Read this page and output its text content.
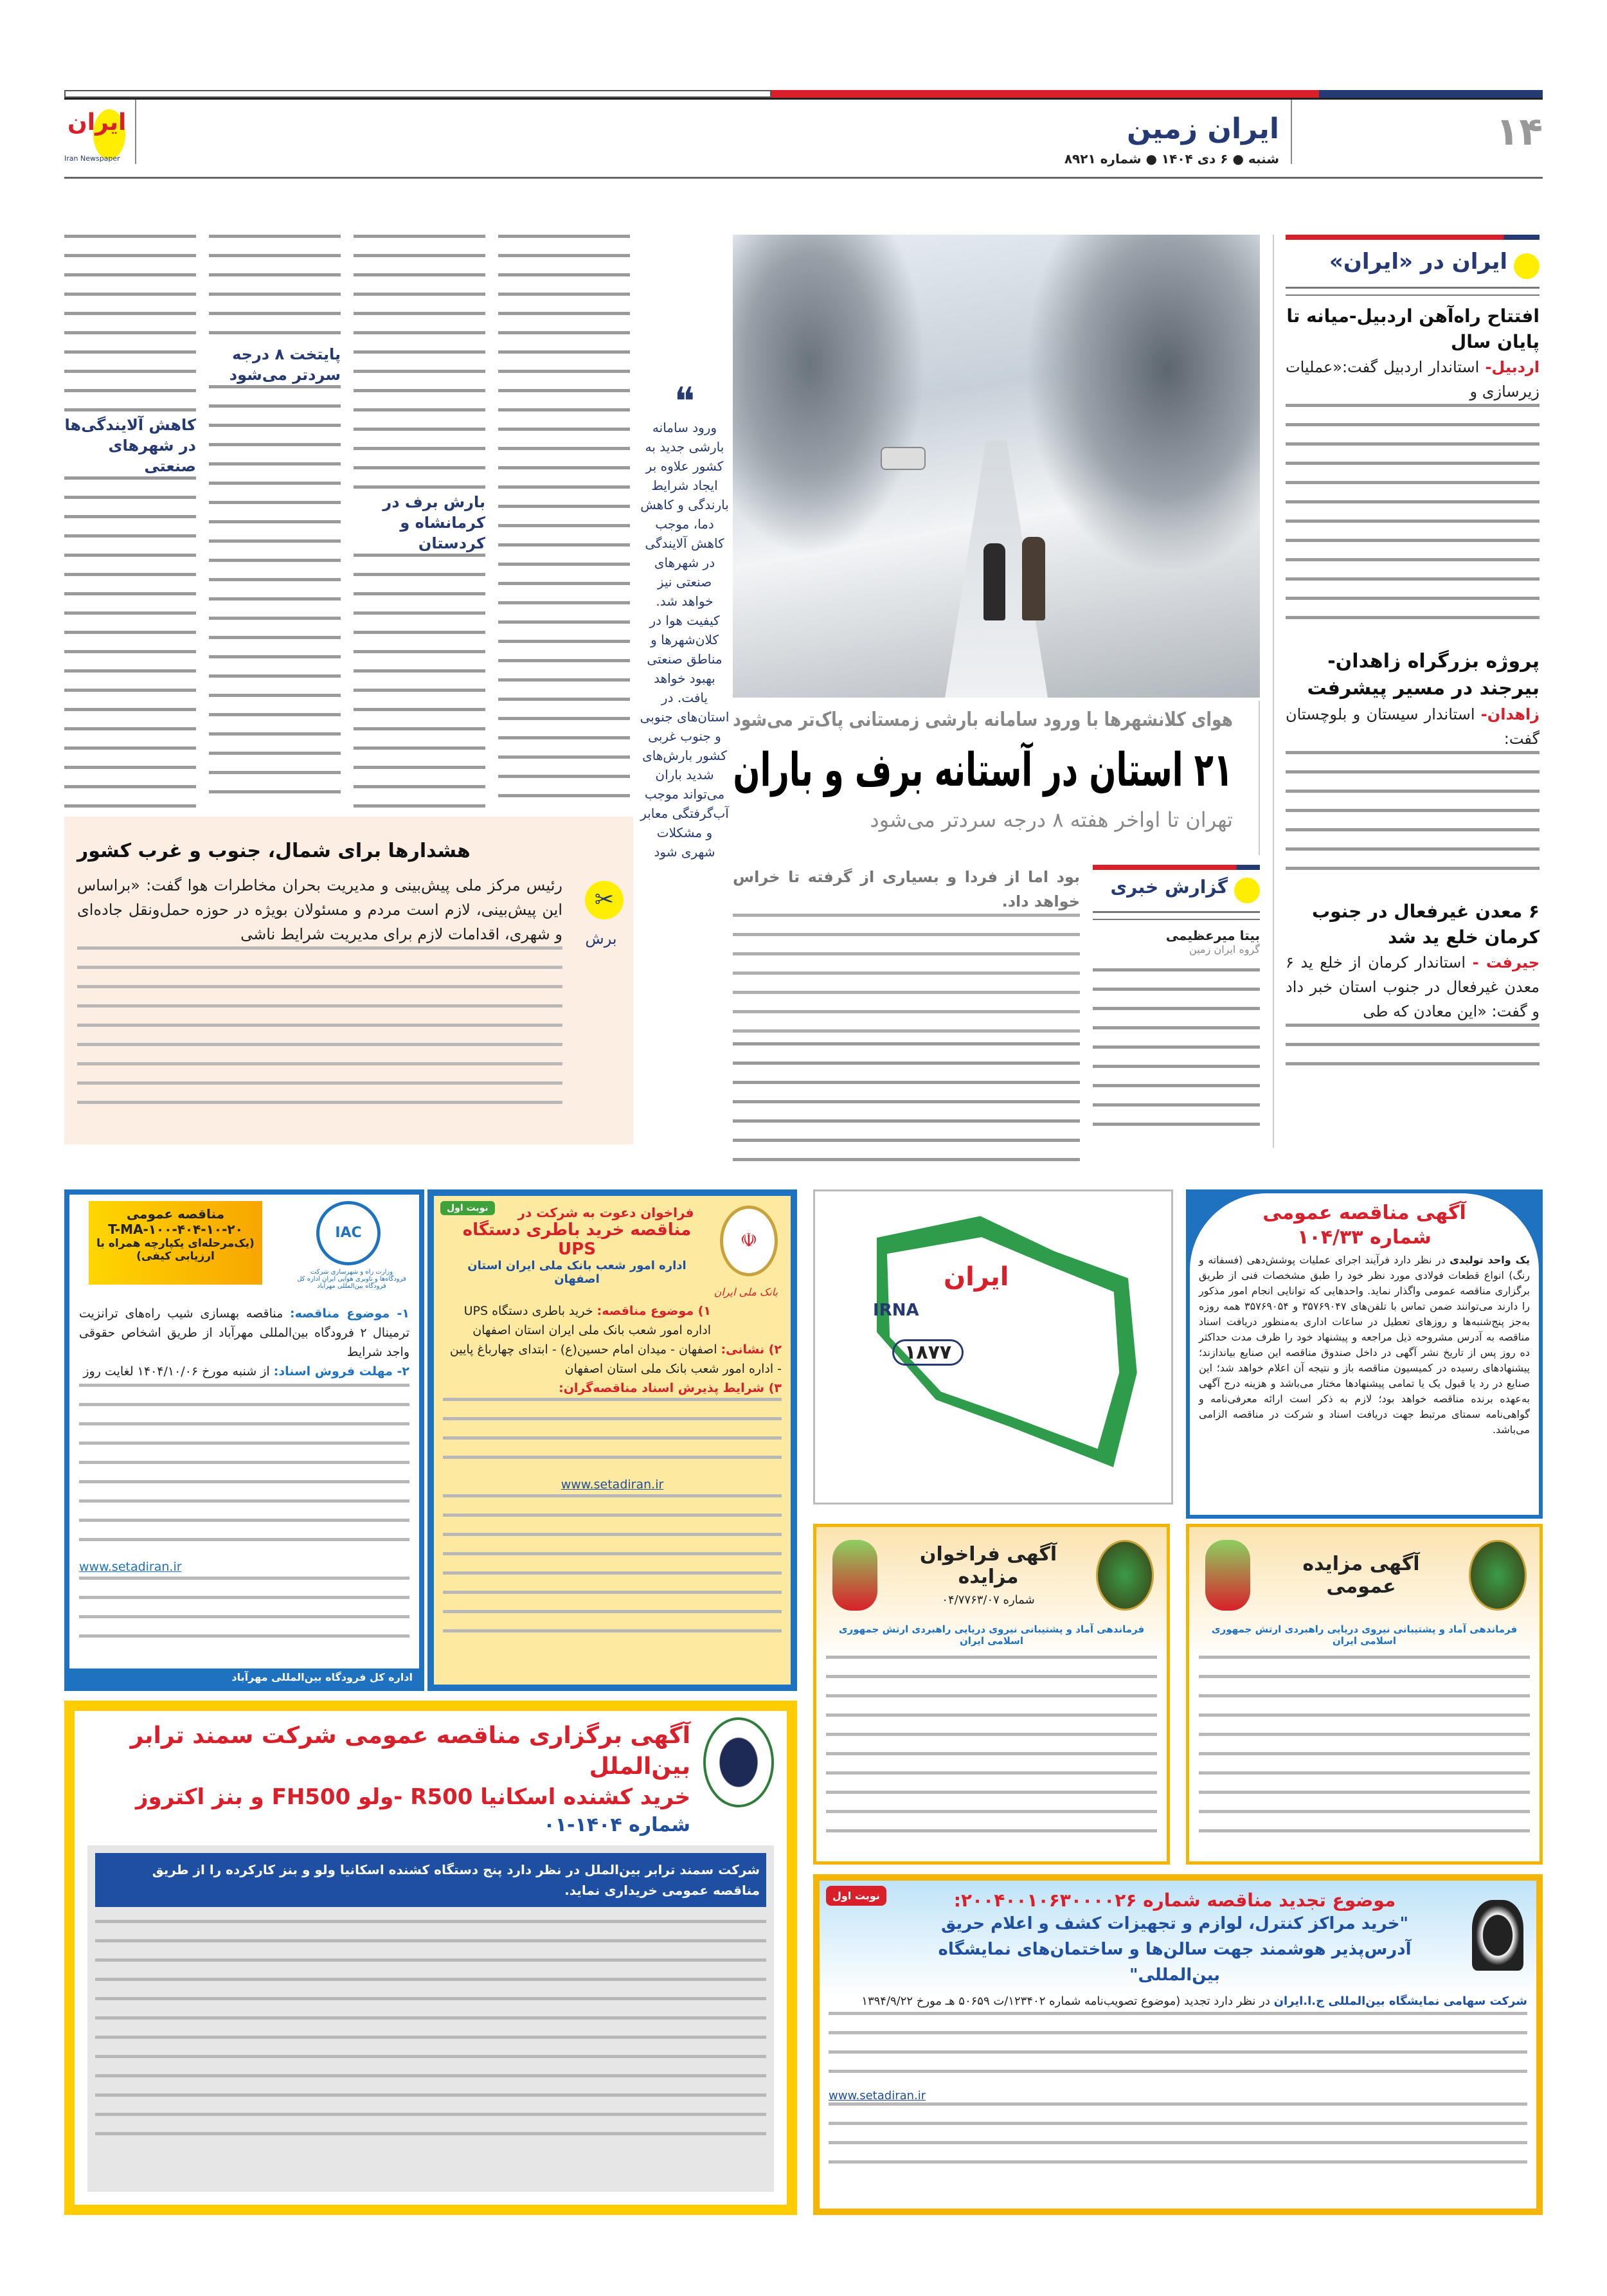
۱۴
ایران زمین
شنبه ● ۶ دی ۱۴۰۴ ● شماره ۸۹۲۱
ایران
Iran Newspaper
ایران در «ایران»
افتتاح راه‌آهن اردبیل-میانه تا پایان سال
اردبیل- استاندار اردبیل گفت:«عملیات زیرسازی و
پروژه بزرگراه زاهدان-بیرجند در مسیر پیشرفت
زاهدان- استاندار سیستان و بلوچستان گفت:
۶ معدن غیرفعال در جنوب کرمان خلع ید شد
جیرفت - استاندار کرمان از خلع ید ۶ معدن غیرفعال در جنوب استان خبر داد و گفت: «این معادن که طی
هوای کلانشهرها با ورود سامانه بارشی زمستانی پاک‌تر می‌شود
۲۱ استان در آستانه برف و باران
تهران تا اواخر هفته ۸ درجه سردتر می‌شود
گزارش خبری
بیتا میرعظیمی
گروه ایران زمین
بود اما از فردا و بسیاری از گرفته تا خراس خواهد داد.
❝
ورود سامانه بارشی جدید به کشور علاوه بر ایجاد شرایط بارندگی و کاهش دما، موجب کاهش آلایندگی در شهرهای صنعتی نیز خواهد شد. کیفیت هوا در کلان‌شهرها و مناطق صنعتی بهبود خواهد یافت. در استان‌های جنوبی و جنوب غربی کشور بارش‌های شدید باران می‌تواند موجب آب‌گرفتگی معابر و مشکلات شهری شود
بارش برف در کرمانشاه و کردستان
پایتخت ۸ درجه سردتر می‌شود
کاهش آلایندگی‌ها در شهرهای صنعتی
هشدارها برای شمال، جنوب و غرب کشور
✂
برش
رئیس مرکز ملی پیش‌بینی و مدیریت بحران مخاطرات هوا گفت: «براساس این پیش‌بینی، لازم است مردم و مسئولان بویژه در حوزه حمل‌ونقل جاده‌ای و شهری، اقدامات لازم برای مدیریت شرایط ناشی
مناقصه عمومی
T-MA-۱۰۰-۴۰۴-۱۰-۲۰
(یک‌مرحله‌ای یکپارچه همراه با ارزیابی کیفی)
IAC
وزارت راه و شهرسازی شرکت فرودگاه‌ها و ناوبری هوایی ایران اداره کل فرودگاه بین‌المللی مهرآباد
۱- موضوع مناقصه: مناقصه بهسازی شیب راه‌های ترانزیت ترمینال ۲ فرودگاه بین‌المللی مهرآباد از طریق اشخاص حقوقی واجد شرایط
۲- مهلت فروش اسناد: از شنبه مورخ ۱۴۰۴/۱۰/۰۶ لغایت روز
www.setadiran.ir
اداره کل فرودگاه بین‌المللی مهرآباد
نوبت اول
☫
بانک ملی ایران
فراخوان دعوت به شرکت در
مناقصه خرید باطری دستگاه UPS
اداره امور شعب بانک ملی ایران استان اصفهان
۱) موضوع مناقصه: خرید باطری دستگاه UPS اداره امور شعب بانک ملی ایران استان اصفهان
۲) نشانی: اصفهان - میدان امام حسین(ع) - ابتدای چهارباغ پایین - اداره امور شعب بانک ملی استان اصفهان
۳) شرایط پذیرش اسناد مناقصه‌گران:
www.setadiran.ir
ایران
IRNA
۱۸۷۷
آگهی مناقصه عمومی
شماره ۱۰۴/۳۳
یک واحد تولیدی در نظر دارد فرآیند اجرای عملیات پوشش‌دهی (فسفاته و رنگ) انواع قطعات فولادی مورد نظر خود را طبق مشخصات فنی از طریق برگزاری مناقصه عمومی واگذار نماید. واحدهایی که توانایی انجام امور مذکور را دارند می‌توانند ضمن تماس با تلفن‌های ۳۵۷۶۹۰۴۷ و ۳۵۷۶۹۰۵۴ همه روزه به‌جز پنج‌شنبه‌ها و روزهای تعطیل در ساعات اداری به‌منظور دریافت اسناد مناقصه به آدرس مشروحه ذیل مراجعه و پیشنهاد خود را ظرف مدت حداکثر ده روز پس از تاریخ نشر آگهی در داخل صندوق مناقصه این صنایع بیاندازند؛ پیشنهادهای رسیده در کمیسیون مناقصه باز و نتیجه آن اعلام خواهد شد؛ این صنایع در رد یا قبول یک یا تمامی پیشنهادها مختار می‌باشد و هزینه درج آگهی به‌عهده برنده مناقصه خواهد بود؛ لازم به ذکر است ارائه معرفی‌نامه و گواهی‌نامه سمتای مرتبط جهت دریافت اسناد و شرکت در مناقصه الزامی می‌باشد.
آگهی فراخوان مزایده
شماره ۰۴/۷۷۶۳/۰۷
فرماندهی آماد و پشتیبانی نیروی دریایی راهبردی ارتش جمهوری اسلامی ایران
آگهی مزایده عمومی
فرماندهی آماد و پشتیبانی نیروی دریایی راهبردی ارتش جمهوری اسلامی ایران
آگهی برگزاری مناقصه عمومی شرکت سمند ترابر بین‌الملل
خرید کشنده اسکانیا R500 -ولو FH500 و بنز اکتروز
شماره ۱۴۰۴-۰۱
شرکت سمند ترابر بین‌الملل در نظر دارد پنج دستگاه کشنده اسکانیا ولو و بنز کارکرده را از طریق مناقصه عمومی خریداری نماید.	نوبت اول	موضوع تجدید مناقصه شماره ۲۰۰۴۰۰۱۰۶۳۰۰۰۰۲۶:
"خرید مراکز کنترل، لوازم و تجهیزات کشف و اعلام حریق آدرس‌پذیر هوشمند جهت سالن‌ها و ساختمان‌های نمایشگاه بین‌المللی"
شرکت سهامی نمایشگاه بین‌المللی ج.ا.ایران در نظر دارد تجدید (موضوع تصویب‌نامه شماره ۱۲۳۴۰۲/ت ۵۰۶۵۹ هـ مورخ ۱۳۹۴/۹/۲۲
www.setadiran.ir
